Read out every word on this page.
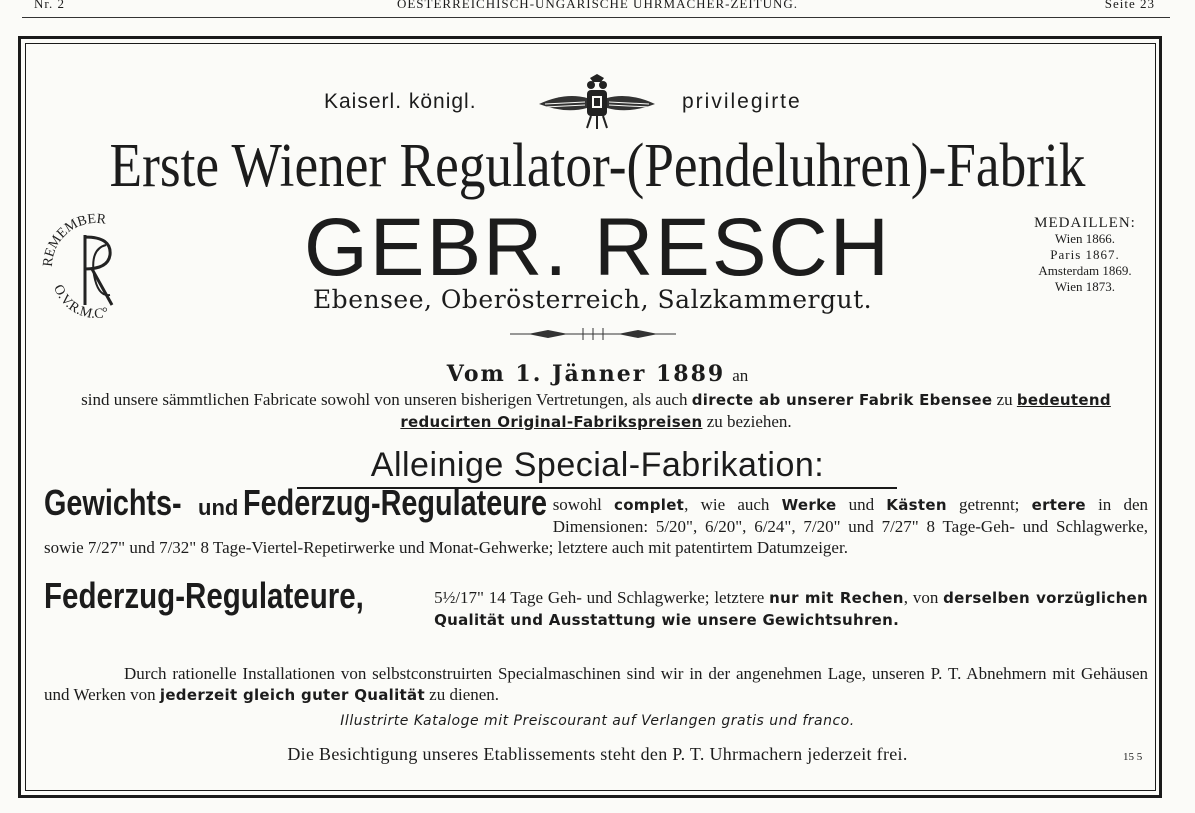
Nr. 2	OESTERREICHISCH-UNGARISCHE UHRMACHER-ZEITUNG.	Seite 23
Kaiserl. königl.	privilegirte
Erste Wiener Regulator-(Pendeluhren)-Fabrik
REMEMBER
O.V.R.M.C°
GEBR. RESCH
Ebensee, Oberösterreich, Salzkammergut.
MEDAILLEN:
Wien 1866.
Paris 1867.
Amsterdam 1869.
Wien 1873.
Vom 1. Jänner 1889 an
sind unsere sämmtlichen Fabricate sowohl von unseren bisherigen Vertretungen, als auch directe ab unserer Fabrik Ebensee zu bedeutend reducirten Original-Fabrikspreisen zu beziehen.
Alleinige Special-Fabrikation:
Gewichts- und Federzug-Regulateure sowohl complet, wie auch Werke und Kästen getrennt; ertere in den Dimensionen: 5/20", 6/20", 6/24", 7/20" und 7/27" 8 Tage-Geh- und Schlagwerke, sowie 7/27" und 7/32" 8 Tage-Viertel-Repetirwerke und Monat-Gehwerke; letztere auch mit patentirtem Datumzeiger.
Federzug-Regulateure,	5½/17" 14 Tage Geh- und Schlagwerke; letztere nur mit Rechen, von derselben vorzüglichen Qualität und Ausstattung wie unsere Gewichtsuhren.
Durch rationelle Installationen von selbstconstruirten Specialmaschinen sind wir in der angenehmen Lage, unseren P. T. Abnehmern mit Gehäusen und Werken von jederzeit gleich guter Qualität zu dienen.
Illustrirte Kataloge mit Preiscourant auf Verlangen gratis und franco.
Die Besichtigung unseres Etablissements steht den P. T. Uhrmachern jederzeit frei.	15 5
